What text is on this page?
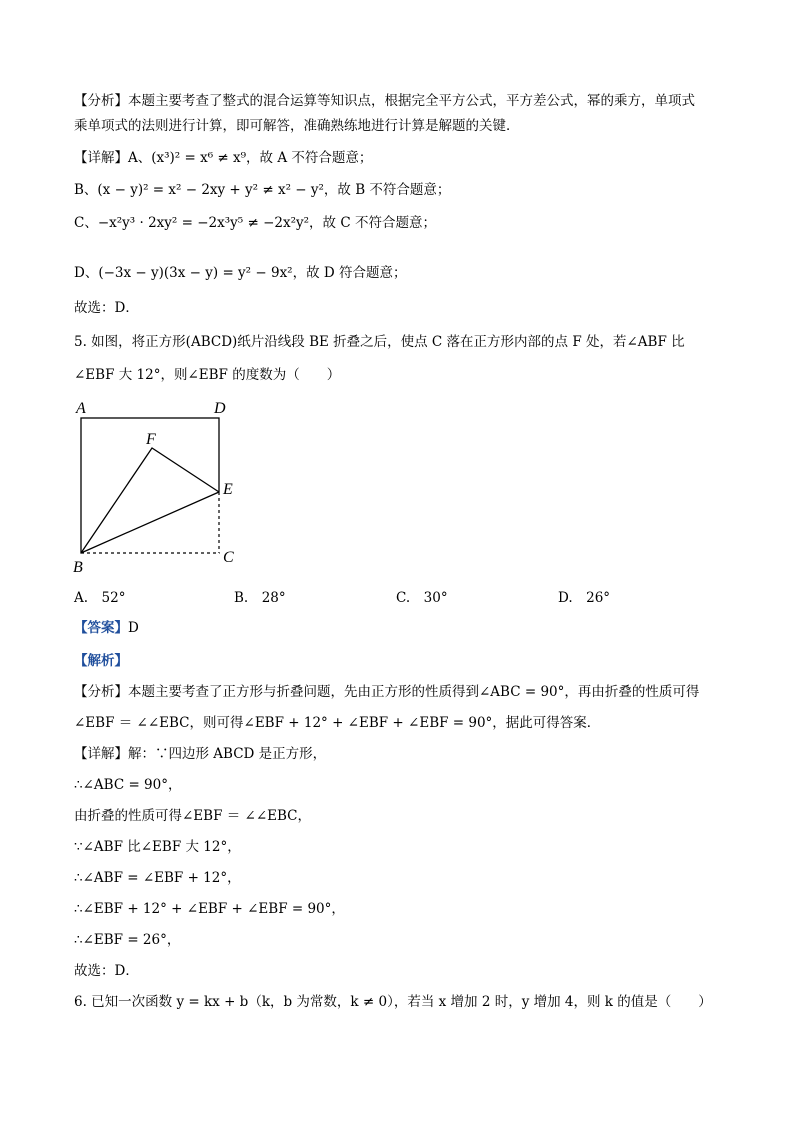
【分析】本题主要考查了整式的混合运算等知识点，根据完全平方公式，平方差公式，幂的乘方，单项式
乘单项式的法则进行计算，即可解答，准确熟练地进行计算是解题的关键．
【详解】A、(x³)² = x⁶ ≠ x⁹，故 A 不符合题意；
B、(x − y)² = x² − 2xy + y² ≠ x² − y²，故 B 不符合题意；
C、−x²y³ · 2xy² = −2x³y⁵ ≠ −2x²y²，故 C 不符合题意；
D、(−3x − y)(3x − y) = y² − 9x²，故 D 符合题意；
故选：D．
5. 如图，将正方形(ABCD)纸片沿线段 BE 折叠之后，使点 C 落在正方形内部的点 F 处，若∠ABF 比
∠EBF 大 12°，则∠EBF 的度数为（　　）
A	D
F
E
C
B
A.　52°	B.　28°	C.　30°	D.　26°
【答案】D
【解析】
【分析】本题主要考查了正方形与折叠问题，先由正方形的性质得到∠ABC = 90°，再由折叠的性质可得
∠EBF ＝ ∠∠EBC，则可得∠EBF + 12° + ∠EBF + ∠EBF = 90°，据此可得答案．
【详解】解：∵四边形 ABCD 是正方形，
∴∠ABC = 90°，
由折叠的性质可得∠EBF ＝ ∠∠EBC，
∵∠ABF 比∠EBF 大 12°，
∴∠ABF = ∠EBF + 12°，
∴∠EBF + 12° + ∠EBF + ∠EBF = 90°，
∴∠EBF = 26°，
故选：D．
6. 已知一次函数 y = kx + b（k，b 为常数，k ≠ 0），若当 x 增加 2 时，y 增加 4，则 k 的值是（　　）
